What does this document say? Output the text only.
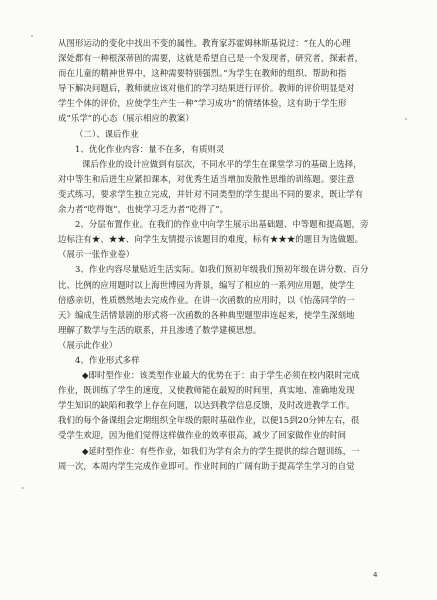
从图形运动的变化中找出不变的属性。教育家苏霍姆林斯基说过：“在人的心理
深处都有一种根深蒂固的需要，这就是希望自己是一个发现者，研究者，探索者，
而在儿童的精神世界中，这种需要特别强烈。”为学生在教师的组织、帮助和指
导下解决问题后，教师就应该对他们的学习结果进行评价。教师的评价明显是对
学生个体的评价，应使学生产生一种“学习成功”的情绪体验，这有助于学生形
成“乐学”的心态（展示相应的教案）
（二）、课后作业
1、优化作业内容：量不在多，有质则灵
课后作业的设计应做到有层次，不同水平的学生在课堂学习的基础上选择，
对中等生和后进生应紧扣课本，对优秀生适当增加发散性思维的训练题。要注意
变式练习，要求学生独立完成，并针对不同类型的学生提出不同的要求，既让学有
余力者“吃得饱”，也使学习乏力者“吃得了”。
2、分层布置作业。在我们的作业中向学生展示出基础题、中等题和提高题，旁
边标注有★、★★、向学生友情提示该题目的难度，标有★★★的题目为选做题。
（展示一张作业卷）
3、作业内容尽量贴近生活实际。如我们预初年级我们预初年级在讲分数、百分
比、比例的应用题时以上海世博园为背景，编写了相应的一系列应用题，使学生
倍感亲切，性质燃然地去完成作业。在讲一次函数的应用时，以《怡荡同学的一
天》编成生活情景剧的形式将一次函数的各种典型题型串连起来，使学生深刻地
理解了数学与生活的联系，并且渗透了数学建模思想。
（展示此作业）
4、作业形式多样
◆即时型作业：该类型作业最大的优势在于：由于学生必须在校内限时完成
作业，既训练了学生的速度，又使教师能在最短的时间里，真实地、准确地发现
学生知识的缺陷和教学上存在问题，以达到教学信息反馈，及时改进教学工作。
我们的每个备课组会定期组织全年级的限时基础作业，以便15到20分钟左右，很
受学生欢迎，因为他们觉得这样做作业的效率很高，减少了回家做作业的时间
◆延时型作业：有些作业，如我们为学有余力的学生提供的综合题训练，一
周一次，本周内学生完成作业即可。作业时间的广阔有助于提高学生学习的自觉
4
